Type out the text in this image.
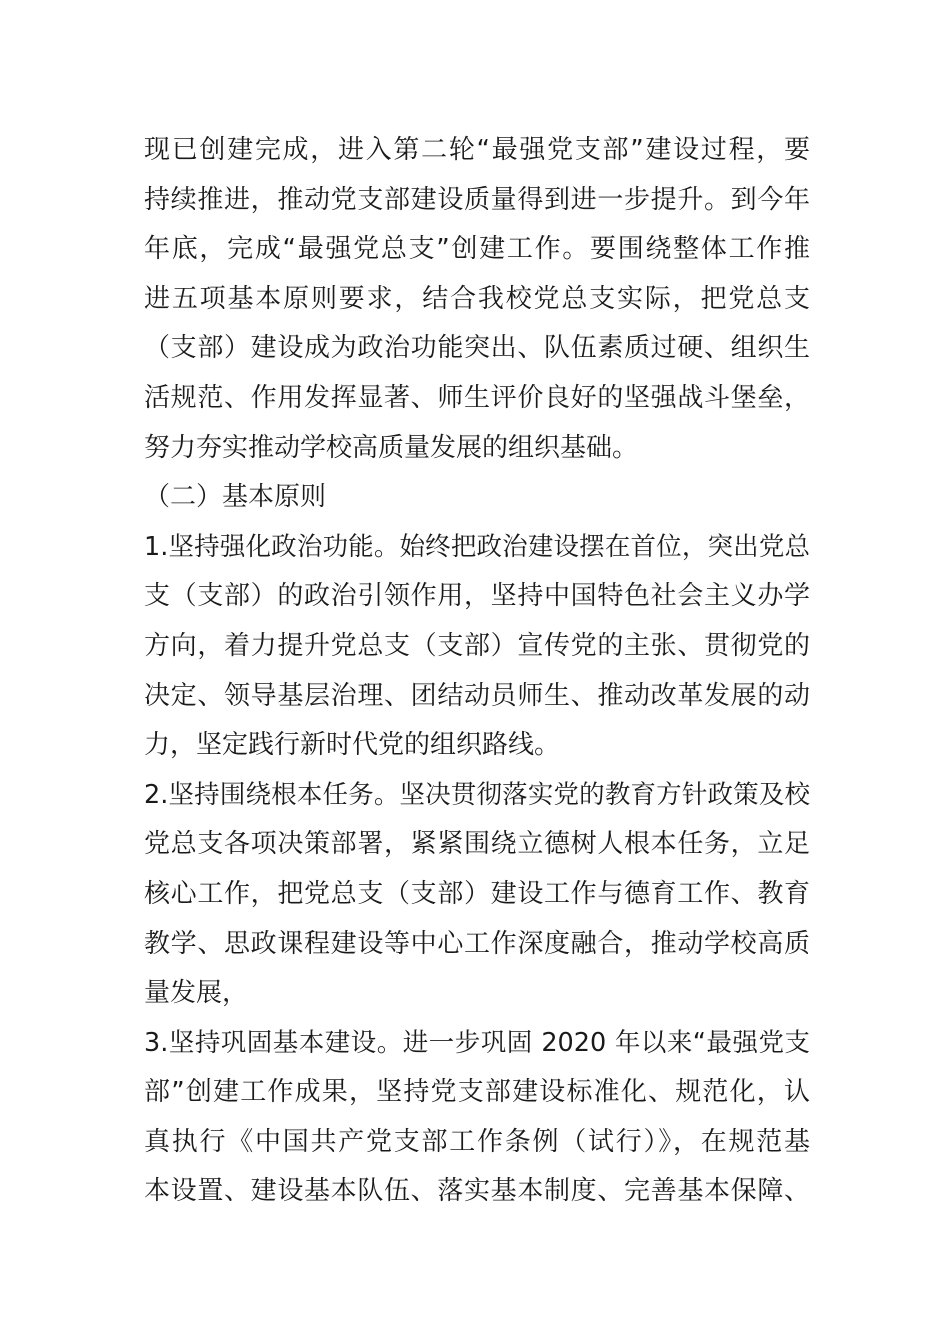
现已创建完成，进入第二轮“最强党支部”建设过程，要
持续推进，推动党支部建设质量得到进一步提升。到今年
年底，完成“最强党总支”创建工作。要围绕整体工作推
进五项基本原则要求，结合我校党总支实际，把党总支
（支部）建设成为政治功能突出、队伍素质过硬、组织生
活规范、作用发挥显著、师生评价良好的坚强战斗堡垒，
努力夯实推动学校高质量发展的组织基础。
（二）基本原则
1.坚持强化政治功能。始终把政治建设摆在首位，突出党总
支（支部）的政治引领作用，坚持中国特色社会主义办学
方向，着力提升党总支（支部）宣传党的主张、贯彻党的
决定、领导基层治理、团结动员师生、推动改革发展的动
力，坚定践行新时代党的组织路线。
2.坚持围绕根本任务。坚决贯彻落实党的教育方针政策及校
党总支各项决策部署，紧紧围绕立德树人根本任务，立足
核心工作，把党总支（支部）建设工作与德育工作、教育
教学、思政课程建设等中心工作深度融合，推动学校高质
量发展，
3.坚持巩固基本建设。进一步巩固 2020 年以来“最强党支
部”创建工作成果，坚持党支部建设标准化、规范化，认
真执行《中国共产党支部工作条例（试行）》，在规范基
本设置、建设基本队伍、落实基本制度、完善基本保障、
